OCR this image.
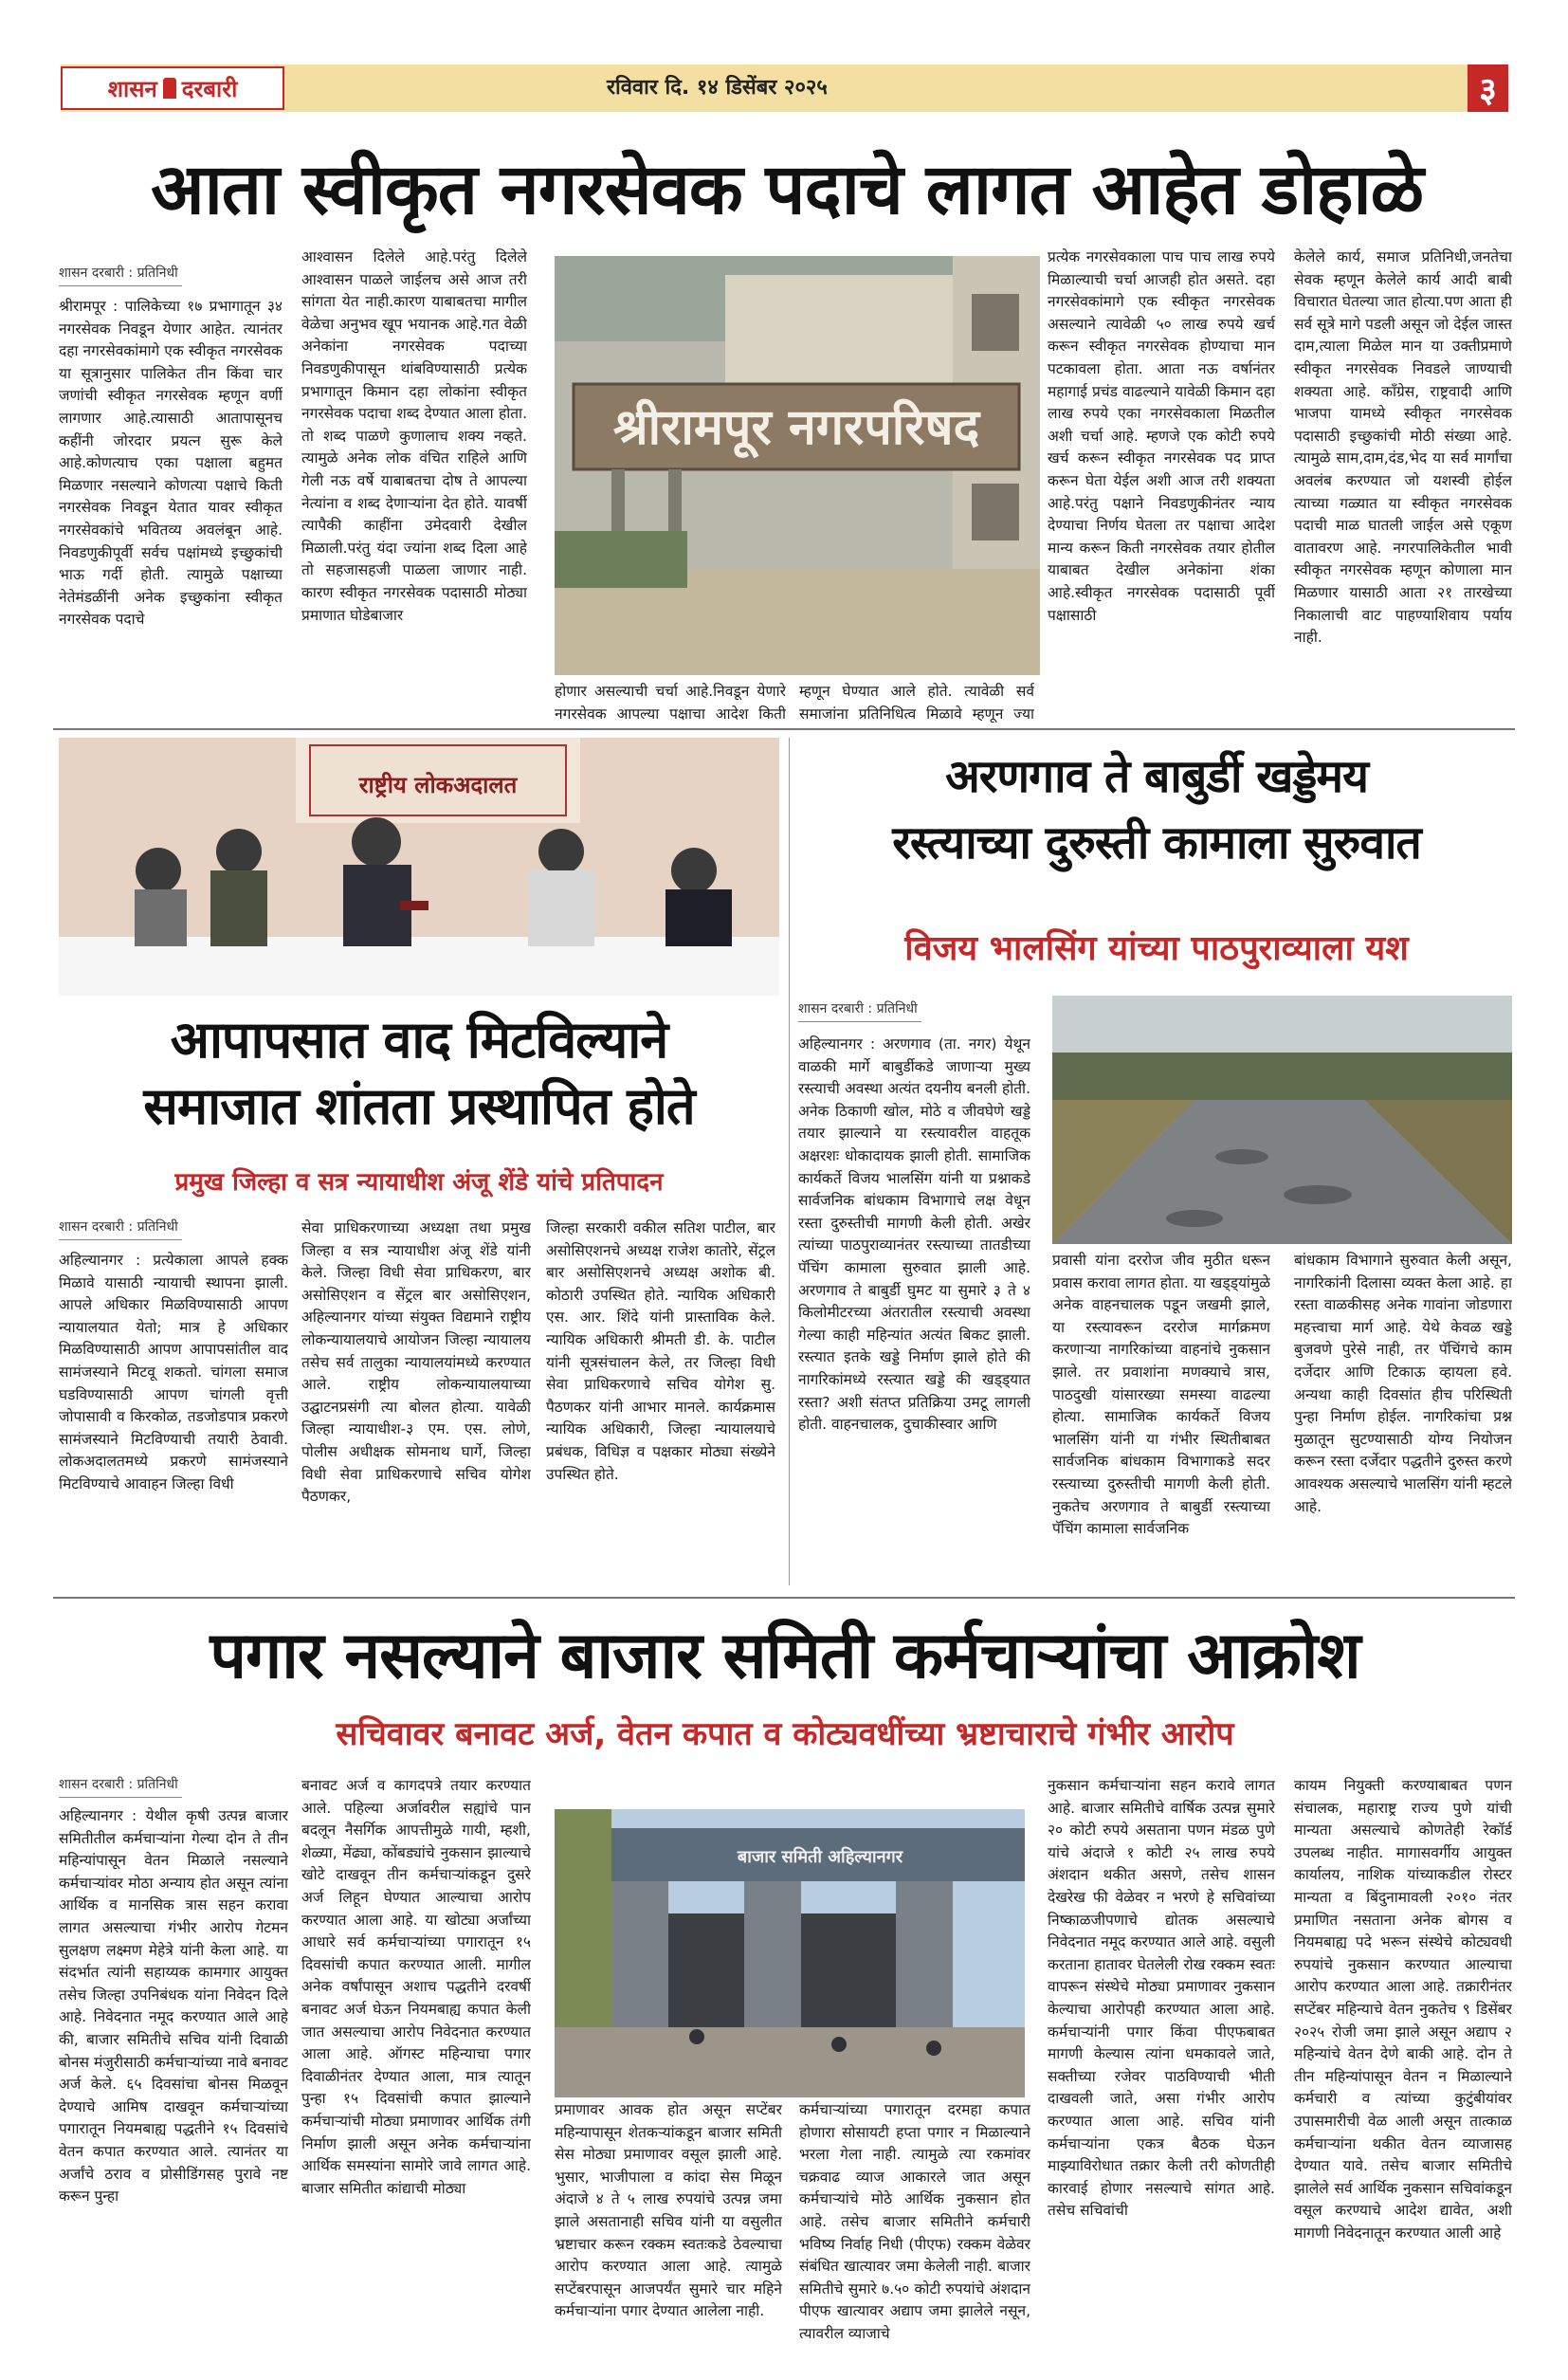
शासन दरबारी	रविवार दि. १४ डिसेंबर २०२५	३
आता स्वीकृत नगरसेवक पदाचे लागत आहेत डोहाळे
शासन दरबारी : प्रतिनिधी
श्रीरामपूर : पालिकेच्या १७ प्रभागातून ३४ नगरसेवक निवडून येणार आहेत. त्यानंतर दहा नगरसेवकांमागे एक स्वीकृत नगरसेवक या सूत्रानुसार पालिकेत तीन किंवा चार जणांची स्वीकृत नगरसेवक म्हणून वर्णी लागणार आहे.त्यासाठी आतापासूनच कहींनी जोरदार प्रयत्न सुरू केले आहे.कोणत्याच एका पक्षाला बहुमत मिळणार नसल्याने कोणत्या पक्षाचे किती नगरसेवक निवडून येतात यावर स्वीकृत नगरसेवकांचे भवितव्य अवलंबून आहे. निवडणुकीपूर्वी सर्वच पक्षांमध्ये इच्छुकांची भाऊ गर्दी होती. त्यामुळे पक्षाच्या नेतेमंडळींनी अनेक इच्छुकांना स्वीकृत नगरसेवक पदाचे
आश्वासन दिलेले आहे.परंतु दिलेले आश्वासन पाळले जाईलच असे आज तरी सांगता येत नाही.कारण याबाबतचा मागील वेळेचा अनुभव खूप भयानक आहे.गत वेळी अनेकांना नगरसेवक पदाच्या निवडणुकीपासून थांबविण्यासाठी प्रत्येक प्रभागातून किमान दहा लोकांना स्वीकृत नगरसेवक पदाचा शब्द देण्यात आला होता. तो शब्द पाळणे कुणालाच शक्य नव्हते. त्यामुळे अनेक लोक वंचित राहिले आणि गेली नऊ वर्षे याबाबतचा दोष ते आपल्या नेत्यांना व शब्द देणाऱ्यांना देत होते. यावर्षी त्यापैकी काहींना उमेदवारी देखील मिळाली.परंतु यंदा ज्यांना शब्द दिला आहे तो सहजासहजी पाळला जाणार नाही. कारण स्वीकृत नगरसेवक पदासाठी मोठ्या प्रमाणात घोडेबाजार
श्रीरामपूर नगरपरिषद
होणार असल्याची चर्चा आहे.निवडून येणारे नगरसेवक आपल्या पक्षाचा आदेश किती
म्हणून घेण्यात आले होते. त्यावेळी सर्व समाजांना प्रतिनिधित्व मिळावे म्हणून ज्या
प्रत्येक नगरसेवकाला पाच पाच लाख रुपये मिळाल्याची चर्चा आजही होत असते. दहा नगरसेवकांमागे एक स्वीकृत नगरसेवक असल्याने त्यावेळी ५० लाख रुपये खर्च करून स्वीकृत नगरसेवक होण्याचा मान पटकावला होता. आता नऊ वर्षानंतर महागाई प्रचंड वाढल्याने यावेळी किमान दहा लाख रुपये एका नगरसेवकाला मिळतील अशी चर्चा आहे. म्हणजे एक कोटी रुपये खर्च करून स्वीकृत नगरसेवक पद प्राप्त करून घेता येईल अशी आज तरी शक्यता आहे.परंतु पक्षाने निवडणुकीनंतर न्याय देण्याचा निर्णय घेतला तर पक्षाचा आदेश मान्य करून किती नगरसेवक तयार होतील याबाबत देखील अनेकांना शंका आहे.स्वीकृत नगरसेवक पदासाठी पूर्वी पक्षासाठी
केलेले कार्य, समाज प्रतिनिधी,जनतेचा सेवक म्हणून केलेले कार्य आदी बाबी विचारात घेतल्या जात होत्या.पण आता ही सर्व सूत्रे मागे पडली असून जो देईल जास्त दाम,त्याला मिळेल मान या उक्तीप्रमाणे स्वीकृत नगरसेवक निवडले जाण्याची शक्यता आहे. काँग्रेस, राष्ट्रवादी आणि भाजपा यामध्ये स्वीकृत नगरसेवक पदासाठी इच्छुकांची मोठी संख्या आहे. त्यामुळे साम,दाम,दंड,भेद या सर्व मार्गांचा अवलंब करण्यात जो यशस्वी होईल त्याच्या गळ्यात या स्वीकृत नगरसेवक पदाची माळ घातली जाईल असे एकूण वातावरण आहे. नगरपालिकेतील भावी स्वीकृत नगरसेवक म्हणून कोणाला मान मिळणार यासाठी आता २१ तारखेच्या निकालाची वाट पाहण्याशिवाय पर्याय नाही.
राष्ट्रीय लोकअदालत
आपापसात वाद मिटविल्याने
समाजात शांतता प्रस्थापित होते
प्रमुख जिल्हा व सत्र न्यायाधीश अंजू शेंडे यांचे प्रतिपादन
शासन दरबारी : प्रतिनिधी
अहिल्यानगर : प्रत्येकाला आपले हक्क मिळावे यासाठी न्यायाची स्थापना झाली. आपले अधिकार मिळविण्यासाठी आपण न्यायालयात येतो; मात्र हे अधिकार मिळविण्यासाठी आपण आपापसांतील वाद सामंजस्याने मिटवू शकतो. चांगला समाज घडविण्यासाठी आपण चांगली वृत्ती जोपासावी व किरकोळ, तडजोडपात्र प्रकरणे सामंजस्याने मिटविण्याची तयारी ठेवावी. लोकअदालतमध्ये प्रकरणे सामंजस्याने मिटविण्याचे आवाहन जिल्हा विधी
सेवा प्राधिकरणाच्या अध्यक्षा तथा प्रमुख जिल्हा व सत्र न्यायाधीश अंजू शेंडे यांनी केले. जिल्हा विधी सेवा प्राधिकरण, बार असोसिएशन व सेंट्रल बार असोसिएशन, अहिल्यानगर यांच्या संयुक्त विद्यमाने राष्ट्रीय लोकन्यायालयाचे आयोजन जिल्हा न्यायालय तसेच सर्व तालुका न्यायालयांमध्ये करण्यात आले. राष्ट्रीय लोकन्यायालयाच्या उद्घाटनप्रसंगी त्या बोलत होत्या. यावेळी जिल्हा न्यायाधीश-३ एम. एस. लोणे, पोलीस अधीक्षक सोमनाथ घार्गे, जिल्हा विधी सेवा प्राधिकरणाचे सचिव योगेश पैठणकर,
जिल्हा सरकारी वकील सतिश पाटील, बार असोसिएशनचे अध्यक्ष राजेश कातोरे, सेंट्रल बार असोसिएशनचे अध्यक्ष अशोक बी. कोठारी उपस्थित होते. न्यायिक अधिकारी एस. आर. शिंदे यांनी प्रास्ताविक केले. न्यायिक अधिकारी श्रीमती डी. के. पाटील यांनी सूत्रसंचालन केले, तर जिल्हा विधी सेवा प्राधिकरणाचे सचिव योगेश सु. पैठणकर यांनी आभार मानले. कार्यक्रमास न्यायिक अधिकारी, जिल्हा न्यायालयाचे प्रबंधक, विधिज्ञ व पक्षकार मोठ्या संख्येने उपस्थित होते.
अरणगाव ते बाबुर्डी खड्डेमय
रस्त्याच्या दुरुस्ती कामाला सुरुवात
विजय भालसिंग यांच्या पाठपुराव्याला यश
शासन दरबारी : प्रतिनिधी
अहिल्यानगर : अरणगाव (ता. नगर) येथून वाळकी मार्गे बाबुर्डीकडे जाणाऱ्या मुख्य रस्त्याची अवस्था अत्यंत दयनीय बनली होती. अनेक ठिकाणी खोल, मोठे व जीवघेणे खड्डे तयार झाल्याने या रस्त्यावरील वाहतूक अक्षरशः धोकादायक झाली होती. सामाजिक कार्यकर्ते विजय भालसिंग यांनी या प्रश्नाकडे सार्वजनिक बांधकाम विभागाचे लक्ष वेधून रस्ता दुरुस्तीची मागणी केली होती. अखेर त्यांच्या पाठपुराव्यानंतर रस्त्याच्या तातडीच्या पॅचिंग कामाला सुरुवात झाली आहे. अरणगाव ते बाबुर्डी घुमट या सुमारे ३ ते ४ किलोमीटरच्या अंतरातील रस्त्याची अवस्था गेल्या काही महिन्यांत अत्यंत बिकट झाली. रस्त्यात इतके खड्डे निर्माण झाले होते की नागरिकांमध्ये रस्त्यात खड्डे की खड्ड्यात रस्ता? अशी संतप्त प्रतिक्रिया उमटू लागली होती. वाहनचालक, दुचाकीस्वार आणि
प्रवासी यांना दररोज जीव मुठीत धरून प्रवास करावा लागत होता. या खड्ड्यांमुळे अनेक वाहनचालक पडून जखमी झाले, या रस्त्यावरून दररोज मार्गक्रमण करणाऱ्या नागरिकांच्या वाहनांचे नुकसान झाले. तर प्रवाशांना मणक्याचे त्रास, पाठदुखी यांसारख्या समस्या वाढल्या होत्या. सामाजिक कार्यकर्ते विजय भालसिंग यांनी या गंभीर स्थितीबाबत सार्वजनिक बांधकाम विभागाकडे सदर रस्त्याच्या दुरुस्तीची मागणी केली होती. नुकतेच अरणगाव ते बाबुर्डी रस्त्याच्या पॅचिंग कामाला सार्वजनिक
बांधकाम विभागाने सुरुवात केली असून, नागरिकांनी दिलासा व्यक्त केला आहे. हा रस्ता वाळकीसह अनेक गावांना जोडणारा महत्त्वाचा मार्ग आहे. येथे केवळ खड्डे बुजवणे पुरेसे नाही, तर पॅचिंगचे काम दर्जेदार आणि टिकाऊ व्हायला हवे. अन्यथा काही दिवसांत हीच परिस्थिती पुन्हा निर्माण होईल. नागरिकांचा प्रश्न मुळातून सुटण्यासाठी योग्य नियोजन करून रस्ता दर्जेदार पद्धतीने दुरुस्त करणे आवश्यक असल्याचे भालसिंग यांनी म्हटले आहे.
पगार नसल्याने बाजार समिती कर्मचाऱ्यांचा आक्रोश
सचिवावर बनावट अर्ज, वेतन कपात व कोट्यवधींच्या भ्रष्टाचाराचे गंभीर आरोप
शासन दरबारी : प्रतिनिधी
अहिल्यानगर : येथील कृषी उत्पन्न बाजार समितीतील कर्मचाऱ्यांना गेल्या दोन ते तीन महिन्यांपासून वेतन मिळाले नसल्याने कर्मचाऱ्यांवर मोठा अन्याय होत असून त्यांना आर्थिक व मानसिक त्रास सहन करावा लागत असल्याचा गंभीर आरोप गेटमन सुलक्षण लक्ष्मण मेहेत्रे यांनी केला आहे. या संदर्भात त्यांनी सहाय्यक कामगार आयुक्त तसेच जिल्हा उपनिबंधक यांना निवेदन दिले आहे. निवेदनात नमूद करण्यात आले आहे की, बाजार समितीचे सचिव यांनी दिवाळी बोनस मंजुरीसाठी कर्मचाऱ्यांच्या नावे बनावट अर्ज केले. ६५ दिवसांचा बोनस मिळवून देण्याचे आमिष दाखवून कर्मचाऱ्यांच्या पगारातून नियमबाह्य पद्धतीने १५ दिवसांचे वेतन कपात करण्यात आले. त्यानंतर या अर्जांचे ठराव व प्रोसीडिंगसह पुरावे नष्ट करून पुन्हा
बनावट अर्ज व कागदपत्रे तयार करण्यात आले. पहिल्या अर्जावरील सह्यांचे पान बदलून नैसर्गिक आपत्तीमुळे गायी, म्हशी, शेळ्या, मेंढ्या, कोंबड्यांचे नुकसान झाल्याचे खोटे दाखवून तीन कर्मचाऱ्यांकडून दुसरे अर्ज लिहून घेण्यात आल्याचा आरोप करण्यात आला आहे. या खोट्या अर्जांच्या आधारे सर्व कर्मचाऱ्यांच्या पगारातून १५ दिवसांची कपात करण्यात आली. मागील अनेक वर्षांपासून अशाच पद्धतीने दरवर्षी बनावट अर्ज घेऊन नियमबाह्य कपात केली जात असल्याचा आरोप निवेदनात करण्यात आला आहे. ऑगस्ट महिन्याचा पगार दिवाळीनंतर देण्यात आला, मात्र त्यातून पुन्हा १५ दिवसांची कपात झाल्याने कर्मचाऱ्यांची मोठ्या प्रमाणावर आर्थिक तंगी निर्माण झाली असून अनेक कर्मचाऱ्यांना आर्थिक समस्यांना सामोरे जावे लागत आहे. बाजार समितीत कांद्याची मोठ्या
बाजार समिती अहिल्यानगर
प्रमाणावर आवक होत असून सप्टेंबर महिन्यापासून शेतकऱ्यांकडून बाजार समिती सेस मोठ्या प्रमाणावर वसूल झाली आहे. भुसार, भाजीपाला व कांदा सेस मिळून अंदाजे ४ ते ५ लाख रुपयांचे उत्पन्न जमा झाले असतानाही सचिव यांनी या वसुलीत भ्रष्टाचार करून रक्कम स्वतःकडे ठेवल्याचा आरोप करण्यात आला आहे. त्यामुळे सप्टेंबरपासून आजपर्यंत सुमारे चार महिने कर्मचाऱ्यांना पगार देण्यात आलेला नाही.
कर्मचाऱ्यांच्या पगारातून दरमहा कपात होणारा सोसायटी हप्ता पगार न मिळाल्याने भरला गेला नाही. त्यामुळे त्या रकमांवर चक्रवाढ व्याज आकारले जात असून कर्मचाऱ्यांचे मोठे आर्थिक नुकसान होत आहे. तसेच बाजार समितीने कर्मचारी भविष्य निर्वाह निधी (पीएफ) रक्कम वेळेवर संबंधित खात्यावर जमा केलेली नाही. बाजार समितीचे सुमारे ७.५० कोटी रुपयांचे अंशदान पीएफ खात्यावर अद्याप जमा झालेले नसून, त्यावरील व्याजाचे
नुकसान कर्मचाऱ्यांना सहन करावे लागत आहे. बाजार समितीचे वार्षिक उत्पन्न सुमारे २० कोटी रुपये असताना पणन मंडळ पुणे यांचे अंदाजे १ कोटी २५ लाख रुपये अंशदान थकीत असणे, तसेच शासन देखरेख फी वेळेवर न भरणे हे सचिवांच्या निष्काळजीपणाचे द्योतक असल्याचे निवेदनात नमूद करण्यात आले आहे. वसुली करताना हातावर घेतलेली रोख रक्कम स्वतः वापरून संस्थेचे मोठ्या प्रमाणावर नुकसान केल्याचा आरोपही करण्यात आला आहे. कर्मचाऱ्यांनी पगार किंवा पीएफबाबत मागणी केल्यास त्यांना धमकावले जाते, सक्तीच्या रजेवर पाठविण्याची भीती दाखवली जाते, असा गंभीर आरोप करण्यात आला आहे. सचिव यांनी कर्मचाऱ्यांना एकत्र बैठक घेऊन माझ्याविरोधात तक्रार केली तरी कोणतीही कारवाई होणार नसल्याचे सांगत आहे. तसेच सचिवांची
कायम नियुक्ती करण्याबाबत पणन संचालक, महाराष्ट्र राज्य पुणे यांची मान्यता असल्याचे कोणतेही रेकॉर्ड उपलब्ध नाहीत. मागासवर्गीय आयुक्त कार्यालय, नाशिक यांच्याकडील रोस्टर मान्यता व बिंदुनामावली २०१० नंतर प्रमाणित नसताना अनेक बोगस व नियमबाह्य पदे भरून संस्थेचे कोट्यवधी रुपयांचे नुकसान करण्यात आल्याचा आरोप करण्यात आला आहे. तक्रारीनंतर सप्टेंबर महिन्याचे वेतन नुकतेच ९ डिसेंबर २०२५ रोजी जमा झाले असून अद्याप २ महिन्यांचे वेतन देणे बाकी आहे. दोन ते तीन महिन्यांपासून वेतन न मिळाल्याने कर्मचारी व त्यांच्या कुटुंबीयांवर उपासमारीची वेळ आली असून तात्काळ कर्मचाऱ्यांना थकीत वेतन व्याजासह देण्यात यावे. तसेच बाजार समितीचे झालेले सर्व आर्थिक नुकसान सचिवांकडून वसूल करण्याचे आदेश द्यावेत, अशी मागणी निवेदनातून करण्यात आली आहे
